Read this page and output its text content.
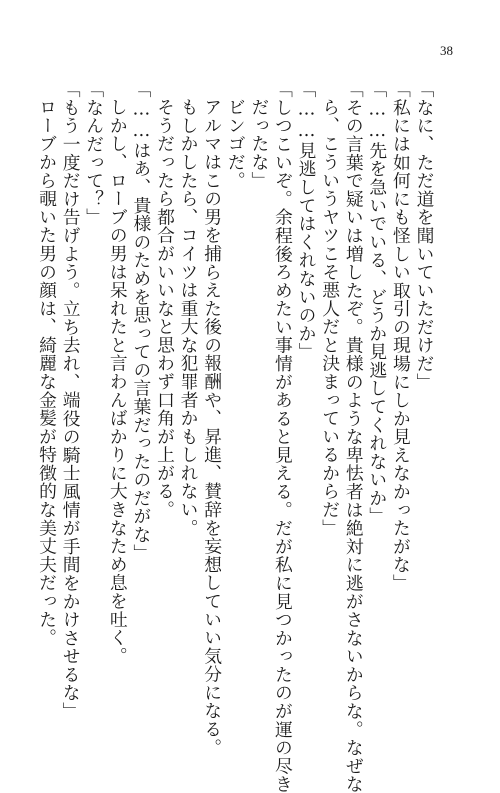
38
「なに、ただ道を聞いていただけだ」
「私には如何にも怪しい取引の現場にしか見えなかったがな」
「……先を急いでいる、どうか見逃してくれないか」
「その言葉で疑いは増したぞ。貴様のような卑怯者は絶対に逃がさないからな。なぜな
ら、こういうヤツこそ悪人だと決まっているからだ」
「……見逃してはくれないのか」
「しつこいぞ。余程後ろめたい事情があると見える。だが私に見つかったのが運の尽き
だったな」
ビンゴだ。
アルマはこの男を捕らえた後の報酬や、昇進、賛辞を妄想していい気分になる。
もしかしたら、コイツは重大な犯罪者かもしれない。
そうだったら都合がいいなと思わず口角が上がる。
「……はあ、貴様のためを思っての言葉だったのだがな」
しかし、ローブの男は呆れたと言わんばかりに大きなため息を吐く。
「なんだって？」
「もう一度だけ告げよう。立ち去れ、端役の騎士風情が手間をかけさせるな」
ローブから覗いた男の顔は、綺麗な金髪が特徴的な美丈夫だった。
